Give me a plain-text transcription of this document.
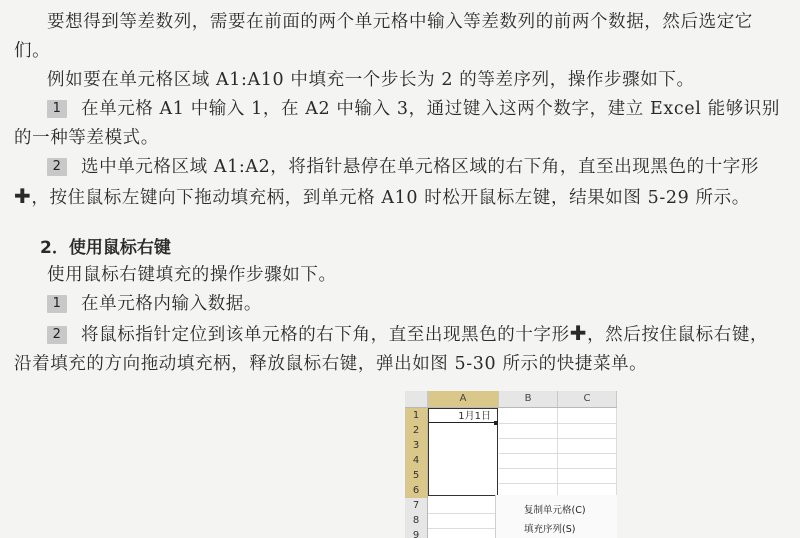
要想得到等差数列，需要在前面的两个单元格中输入等差数列的前两个数据，然后选定它们。

例如要在单元格区域 A1:A10 中填充一个步长为 2 的等差序列，操作步骤如下。

1 在单元格 A1 中输入 1，在 A2 中输入 3，通过键入这两个数字，建立 Excel 能够识别的一种等差模式。

2 选中单元格区域 A1:A2，将指针悬停在单元格区域的右下角，直至出现黑色的十字形✚，按住鼠标左键向下拖动填充柄，到单元格 A10 时松开鼠标左键，结果如图 5-29 所示。

2．使用鼠标右键

使用鼠标右键填充的操作步骤如下。

1 在单元格内输入数据。

2 将鼠标指针定位到该单元格的右下角，直至出现黑色的十字形✚，然后按住鼠标右键，沿着填充的方向拖动填充柄，释放鼠标右键，弹出如图 5-30 所示的快捷菜单。

A	B	C
1
2
3
4
5
6
7
8
9
1月1日
复制单元格(C)
填充序列(S)
